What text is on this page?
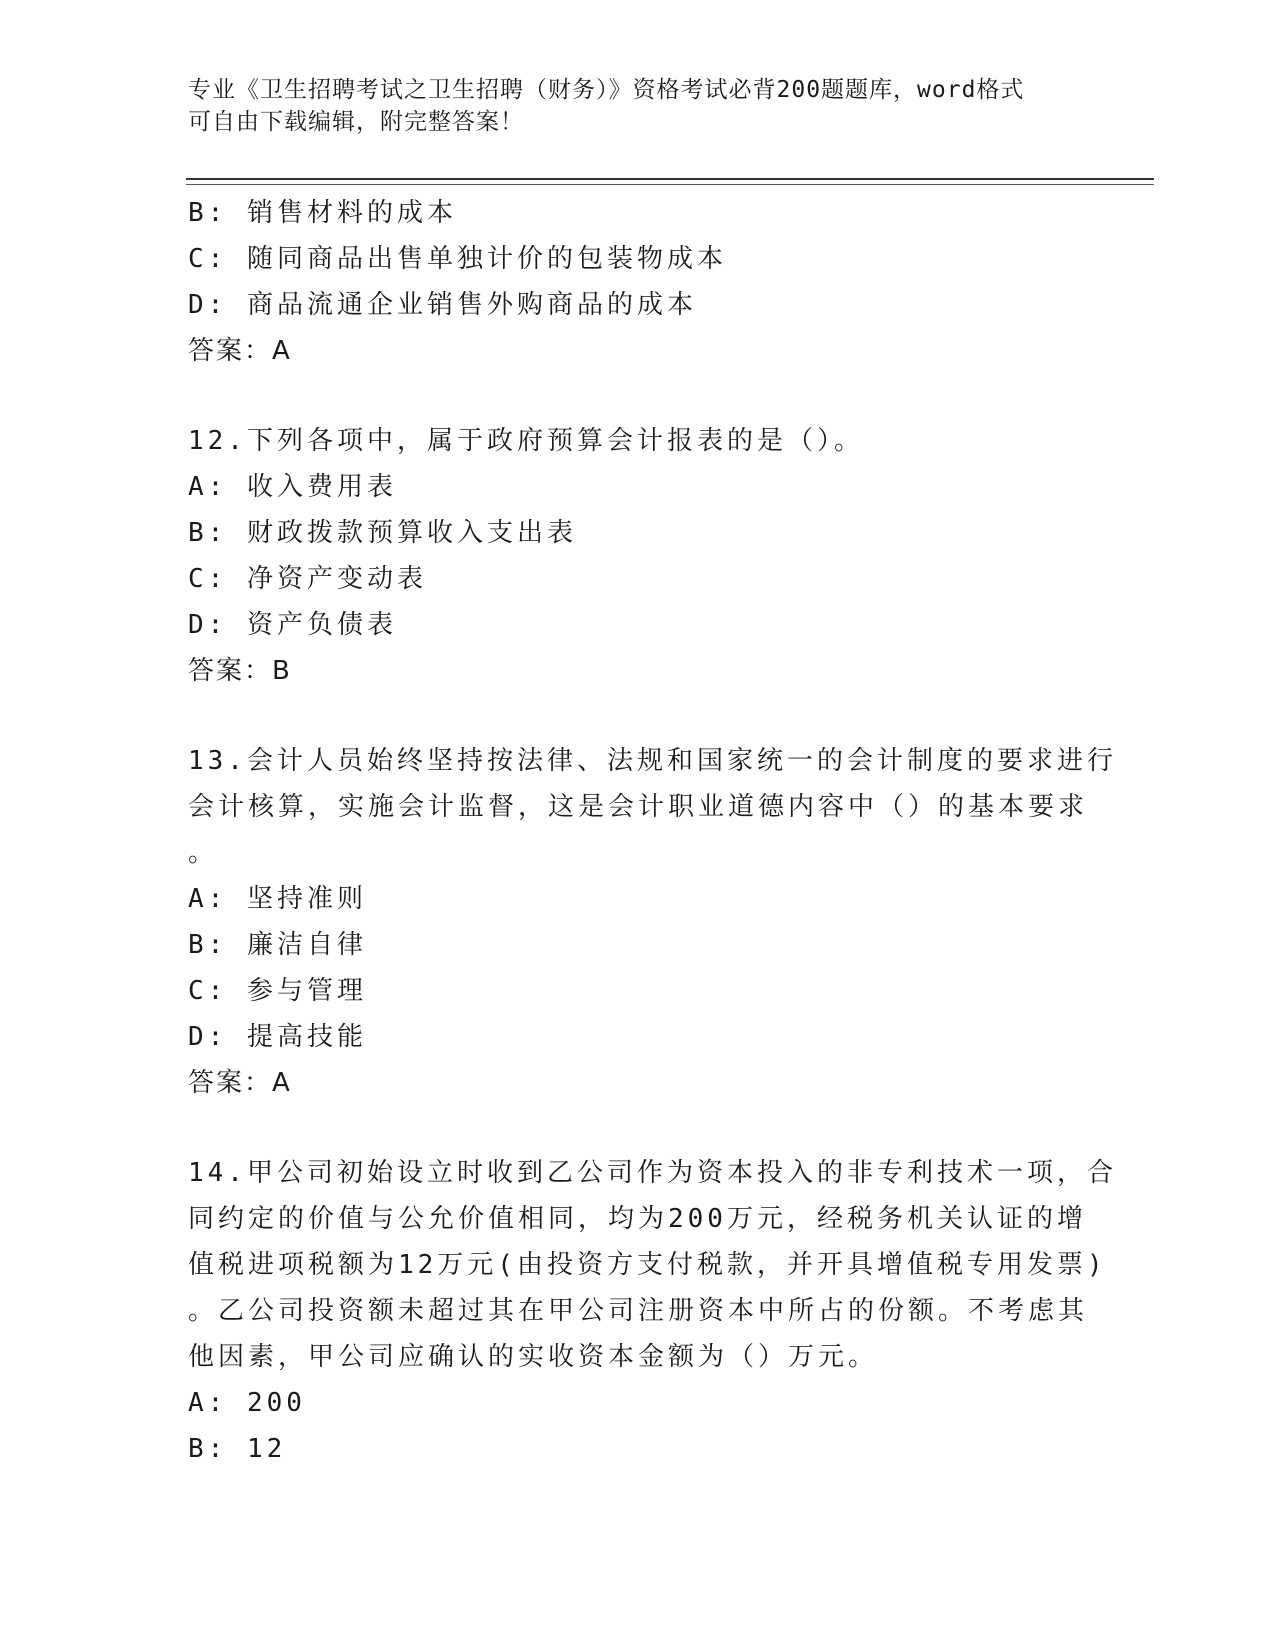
专业《卫生招聘考试之卫生招聘（财务）》资格考试必背200题题库，word格式
可自由下载编辑，附完整答案！
B: 销售材料的成本
C: 随同商品出售单独计价的包装物成本
D: 商品流通企业销售外购商品的成本
答案：A
12.下列各项中，属于政府预算会计报表的是（）。
A: 收入费用表
B: 财政拨款预算收入支出表
C: 净资产变动表
D: 资产负债表
答案：B
13.会计人员始终坚持按法律、法规和国家统一的会计制度的要求进行
会计核算，实施会计监督，这是会计职业道德内容中（）的基本要求
。
A: 坚持准则
B: 廉洁自律
C: 参与管理
D: 提高技能
答案：A
14.甲公司初始设立时收到乙公司作为资本投入的非专利技术一项，合
同约定的价值与公允价值相同，均为200万元，经税务机关认证的增
值税进项税额为12万元(由投资方支付税款，并开具增值税专用发票)
。乙公司投资额未超过其在甲公司注册资本中所占的份额。不考虑其
他因素，甲公司应确认的实收资本金额为（）万元。
A: 200
B: 12
